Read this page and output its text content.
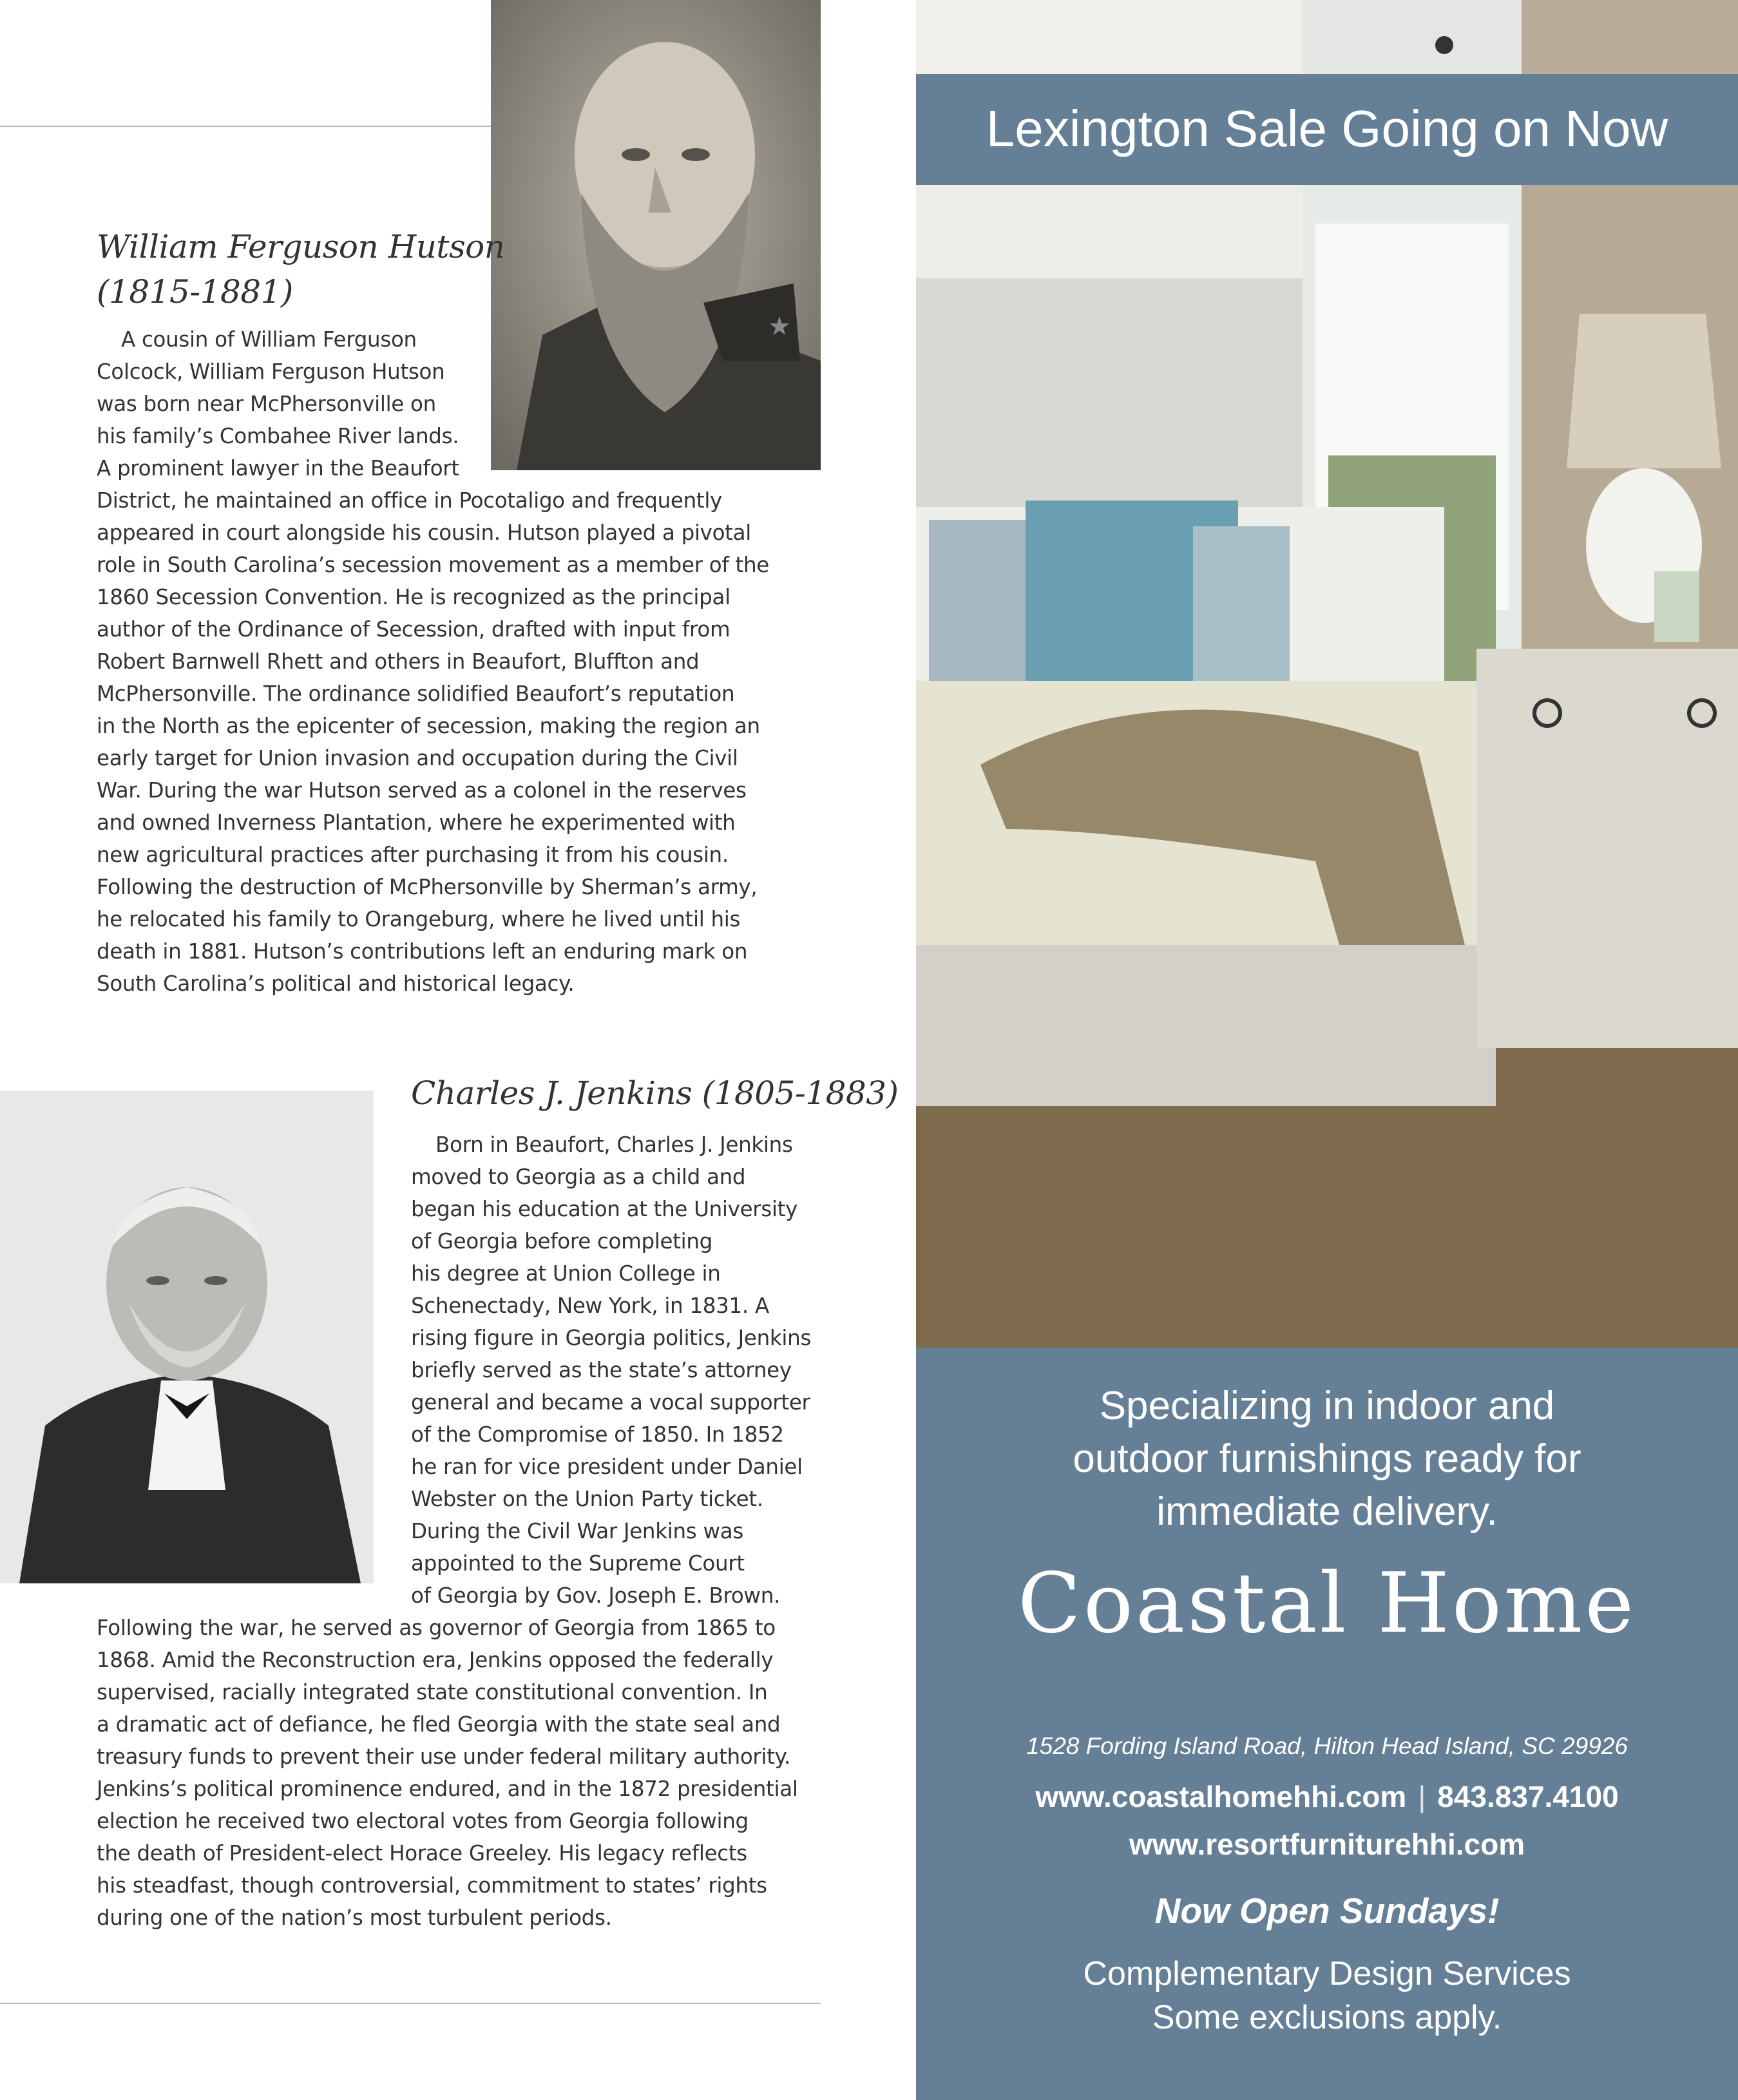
★
William Ferguson Hutson
(1815-1881)
A cousin of William Ferguson
Colcock, William Ferguson Hutson
was born near McPhersonville on
his family’s Combahee River lands.
A prominent lawyer in the Beaufort
District, he maintained an office in Pocotaligo and frequently
appeared in court alongside his cousin. Hutson played a pivotal
role in South Carolina’s secession movement as a member of the
1860 Secession Convention. He is recognized as the principal
author of the Ordinance of Secession, drafted with input from
Robert Barnwell Rhett and others in Beaufort, Bluffton and
McPhersonville. The ordinance solidified Beaufort’s reputation
in the North as the epicenter of secession, making the region an
early target for Union invasion and occupation during the Civil
War. During the war Hutson served as a colonel in the reserves
and owned Inverness Plantation, where he experimented with
new agricultural practices after purchasing it from his cousin.
Following the destruction of McPhersonville by Sherman’s army,
he relocated his family to Orangeburg, where he lived until his
death in 1881. Hutson’s contributions left an enduring mark on
South Carolina’s political and historical legacy.
Charles J. Jenkins (1805-1883)
Born in Beaufort, Charles J. Jenkins
moved to Georgia as a child and
began his education at the University
of Georgia before completing
his degree at Union College in
Schenectady, New York, in 1831. A
rising figure in Georgia politics, Jenkins
briefly served as the state’s attorney
general and became a vocal supporter
of the Compromise of 1850. In 1852
he ran for vice president under Daniel
Webster on the Union Party ticket.
During the Civil War Jenkins was
appointed to the Supreme Court
of Georgia by Gov. Joseph E. Brown.
Following the war, he served as governor of Georgia from 1865 to
1868. Amid the Reconstruction era, Jenkins opposed the federally
supervised, racially integrated state constitutional convention. In
a dramatic act of defiance, he fled Georgia with the state seal and
treasury funds to prevent their use under federal military authority.
Jenkins’s political prominence endured, and in the 1872 presidential
election he received two electoral votes from Georgia following
the death of President-elect Horace Greeley. His legacy reflects
his steadfast, though controversial, commitment to states’ rights
during one of the nation’s most turbulent periods.
Lexington Sale Going on Now

Specializing in indoor and
outdoor furnishings ready for
immediate delivery.

Coastal Home

1528 Fording Island Road, Hilton Head Island, SC 29926

www.coastalhomehhi.com | 843.837.4100

www.resortfurniturehhi.com

Now Open Sundays!

Complementary Design Services
Some exclusions apply.
